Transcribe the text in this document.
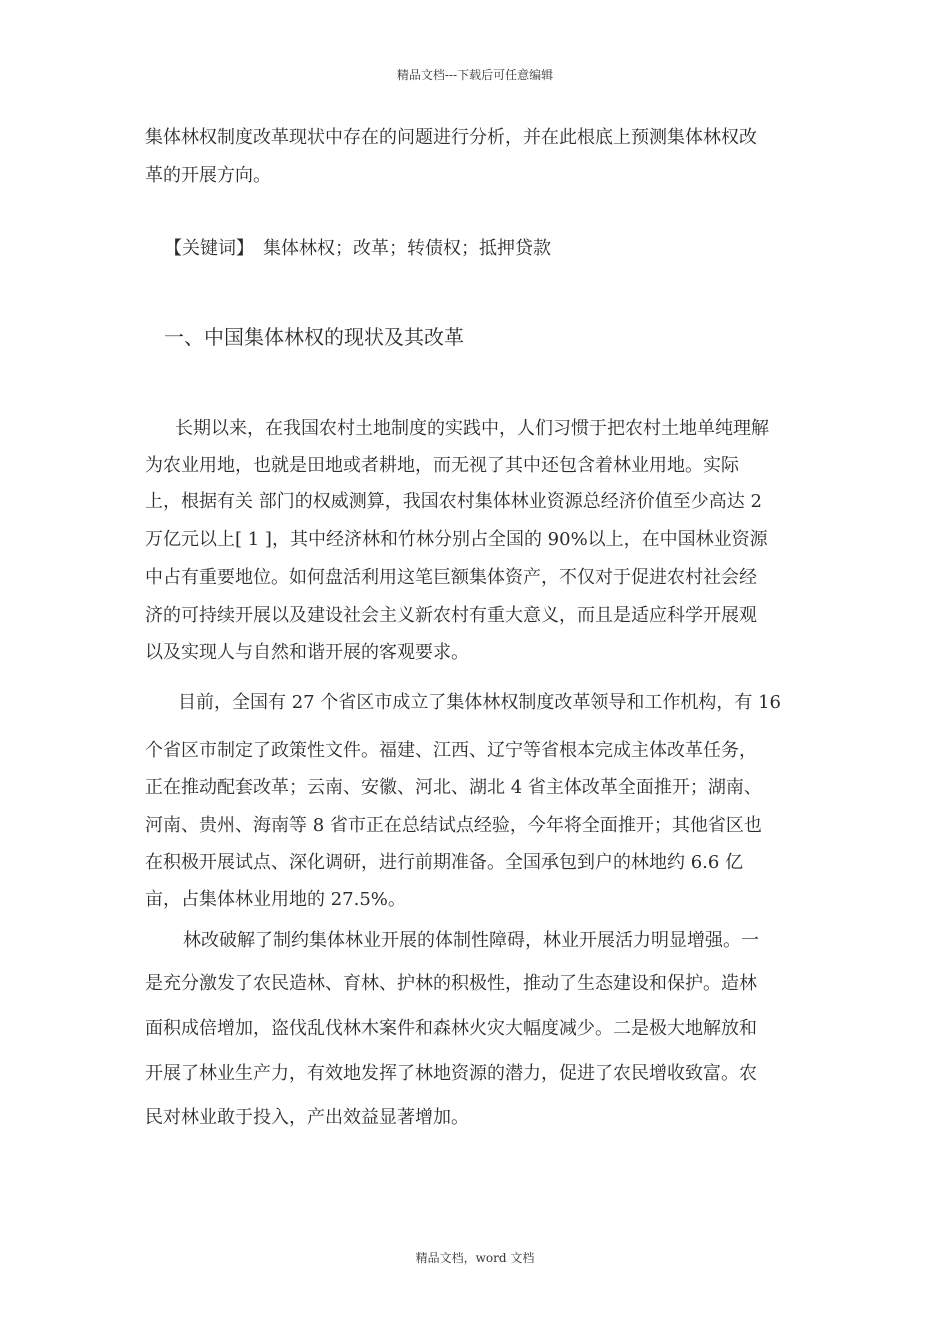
精品文档---下载后可任意编辑
集体林权制度改革现状中存在的问题进行分析，并在此根底上预测集体林权改
革的开展方向。
【关键词】　集体林权；改革；转债权；抵押贷款
一、中国集体林权的现状及其改革
长期以来，在我国农村土地制度的实践中，人们习惯于把农村土地单纯理解
为农业用地，也就是田地或者耕地，而无视了其中还包含着林业用地。实际
上，根据有关 部门的权威测算，我国农村集体林业资源总经济价值至少高达 2
万亿元以上[ 1 ]，其中经济林和竹林分别占全国的 90%以上，在中国林业资源
中占有重要地位。如何盘活利用这笔巨额集体资产，不仅对于促进农村社会经
济的可持续开展以及建设社会主义新农村有重大意义，而且是适应科学开展观
以及实现人与自然和谐开展的客观要求。
目前，全国有 27 个省区市成立了集体林权制度改革领导和工作机构，有 16
个省区市制定了政策性文件。福建、江西、辽宁等省根本完成主体改革任务，
正在推动配套改革；云南、安徽、河北、湖北 4 省主体改革全面推开；湖南、
河南、贵州、海南等 8 省市正在总结试点经验，今年将全面推开；其他省区也
在积极开展试点、深化调研，进行前期准备。全国承包到户的林地约 6.6 亿
亩，占集体林业用地的 27.5%。
林改破解了制约集体林业开展的体制性障碍，林业开展活力明显增强。一
是充分激发了农民造林、育林、护林的积极性，推动了生态建设和保护。造林
面积成倍增加，盗伐乱伐林木案件和森林火灾大幅度减少。二是极大地解放和
开展了林业生产力，有效地发挥了林地资源的潜力，促进了农民增收致富。农
民对林业敢于投入，产出效益显著增加。
精品文档，word 文档
